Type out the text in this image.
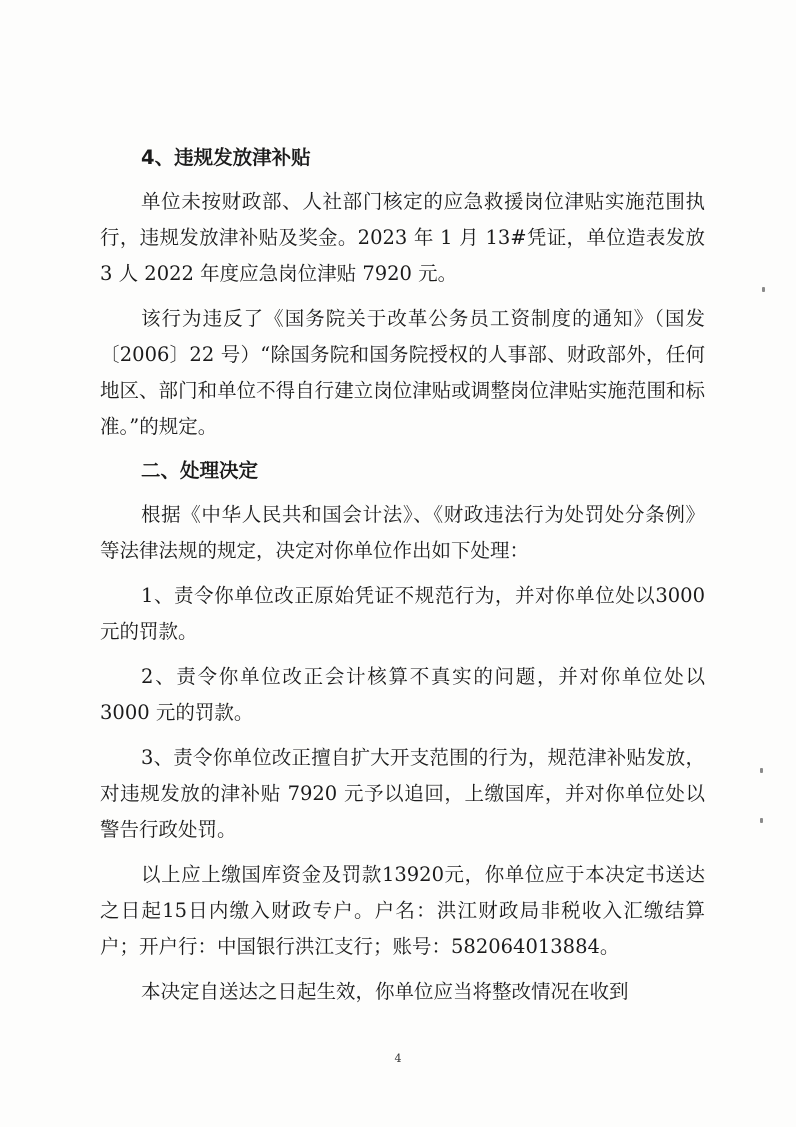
4、违规发放津补贴

单位未按财政部、人社部门核定的应急救援岗位津贴实施范围执行，违规发放津补贴及奖金。2023 年 1 月 13#凭证，单位造表发放 3 人 2022 年度应急岗位津贴 7920 元。

该行为违反了《国务院关于改革公务员工资制度的通知》（国发〔2006〕22 号）“除国务院和国务院授权的人事部、财政部外，任何地区、部门和单位不得自行建立岗位津贴或调整岗位津贴实施范围和标准。”的规定。

二、处理决定

根据《中华人民共和国会计法》、《财政违法行为处罚处分条例》等法律法规的规定，决定对你单位作出如下处理：

1、责令你单位改正原始凭证不规范行为，并对你单位处以3000 元的罚款。

2、责令你单位改正会计核算不真实的问题，并对你单位处以3000 元的罚款。

3、责令你单位改正擅自扩大开支范围的行为，规范津补贴发放，对违规发放的津补贴 7920 元予以追回，上缴国库，并对你单位处以警告行政处罚。

以上应上缴国库资金及罚款13920元，你单位应于本决定书送达之日起15日内缴入财政专户。户名：洪江财政局非税收入汇缴结算户；开户行：中国银行洪江支行；账号：582064013884。

本决定自送达之日起生效，你单位应当将整改情况在收到

4
